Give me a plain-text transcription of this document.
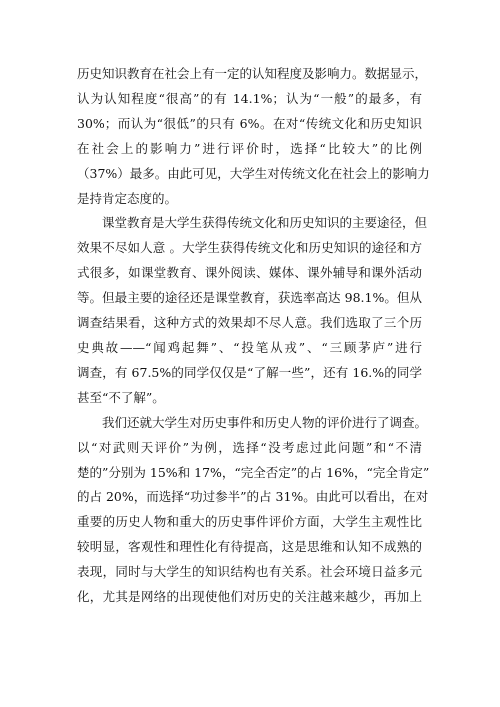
历史知识教育在社会上有一定的认知程度及影响力。数据显示，
认为认知程度“很高”的有 14.1%；认为“一般”的最多，有
30%；而认为“很低”的只有 6%。在对“传统文化和历史知识
在社会上的影响力”进行评价时，选择“比较大”的比例
（37%）最多。由此可见，大学生对传统文化在社会上的影响力
是持肯定态度的。

课堂教育是大学生获得传统文化和历史知识的主要途径，但
效果不尽如人意 。大学生获得传统文化和历史知识的途径和方
式很多，如课堂教育、课外阅读、媒体、课外辅导和课外活动
等。但最主要的途径还是课堂教育，获选率高达 98.1%。但从
调查结果看，这种方式的效果却不尽人意。我们选取了三个历
史典故——“闻鸡起舞”、“投笔从戎”、“三顾茅庐”进行
调查，有 67.5%的同学仅仅是“了解一些”，还有 16.%的同学
甚至“不了解”。

我们还就大学生对历史事件和历史人物的评价进行了调查。
以“对武则天评价”为例，选择“没考虑过此问题”和“不清
楚的”分别为 15%和 17%，“完全否定”的占 16%，“完全肯定”
的占 20%，而选择“功过参半”的占 31%。由此可以看出，在对
重要的历史人物和重大的历史事件评价方面，大学生主观性比
较明显，客观性和理性化有待提高，这是思维和认知不成熟的
表现，同时与大学生的知识结构也有关系。社会环境日益多元
化，尤其是网络的出现使他们对历史的关注越来越少，再加上
